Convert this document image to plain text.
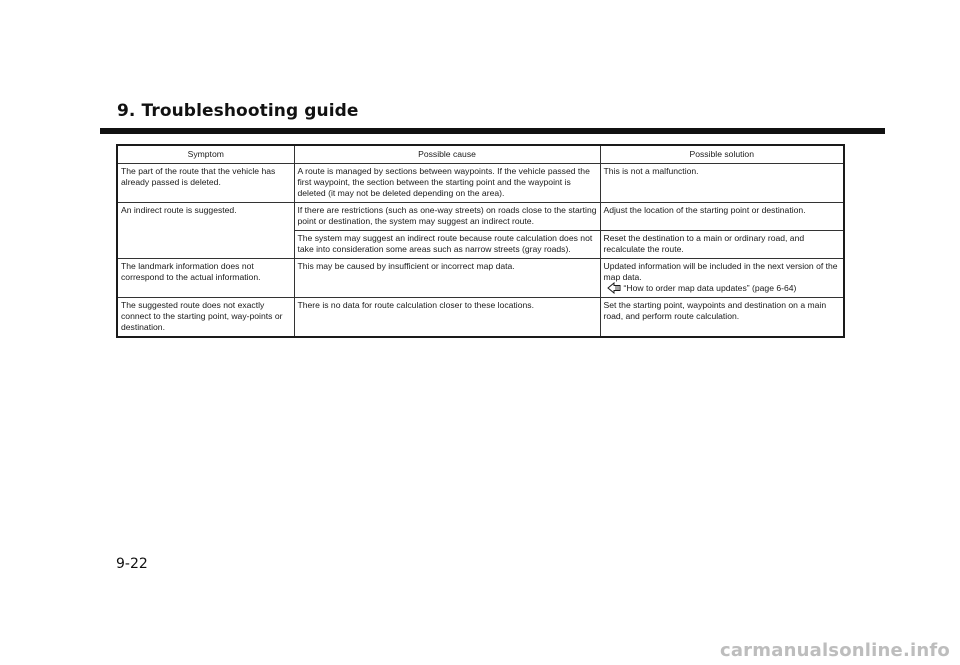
9. Troubleshooting guide
Symptom	Possible cause	Possible solution
The part of the route that the vehicle has already passed is deleted.	A route is managed by sections between waypoints. If the vehicle passed the first waypoint, the section between the starting point and the waypoint is deleted (it may not be deleted depending on the area).	This is not a malfunction.
An indirect route is suggested.	If there are restrictions (such as one-way streets) on roads close to the starting point or destination, the system may suggest an indirect route.	Adjust the location of the starting point or destination.
	The system may suggest an indirect route because route calculation does not take into consideration some areas such as narrow streets (gray roads).	Reset the destination to a main or ordinary road, and recalculate the route.
The landmark information does not correspond to the actual information.	This may be caused by insufficient or incorrect map data.	Updated information will be included in the next version of the map data.

“How to order map data updates” (page 6-64)

The suggested route does not exactly connect to the starting point, way-points or destination.	There is no data for route calculation closer to these locations.	Set the starting point, waypoints and destination on a main road, and perform route calculation.
9-22
carmanualsonline.info
